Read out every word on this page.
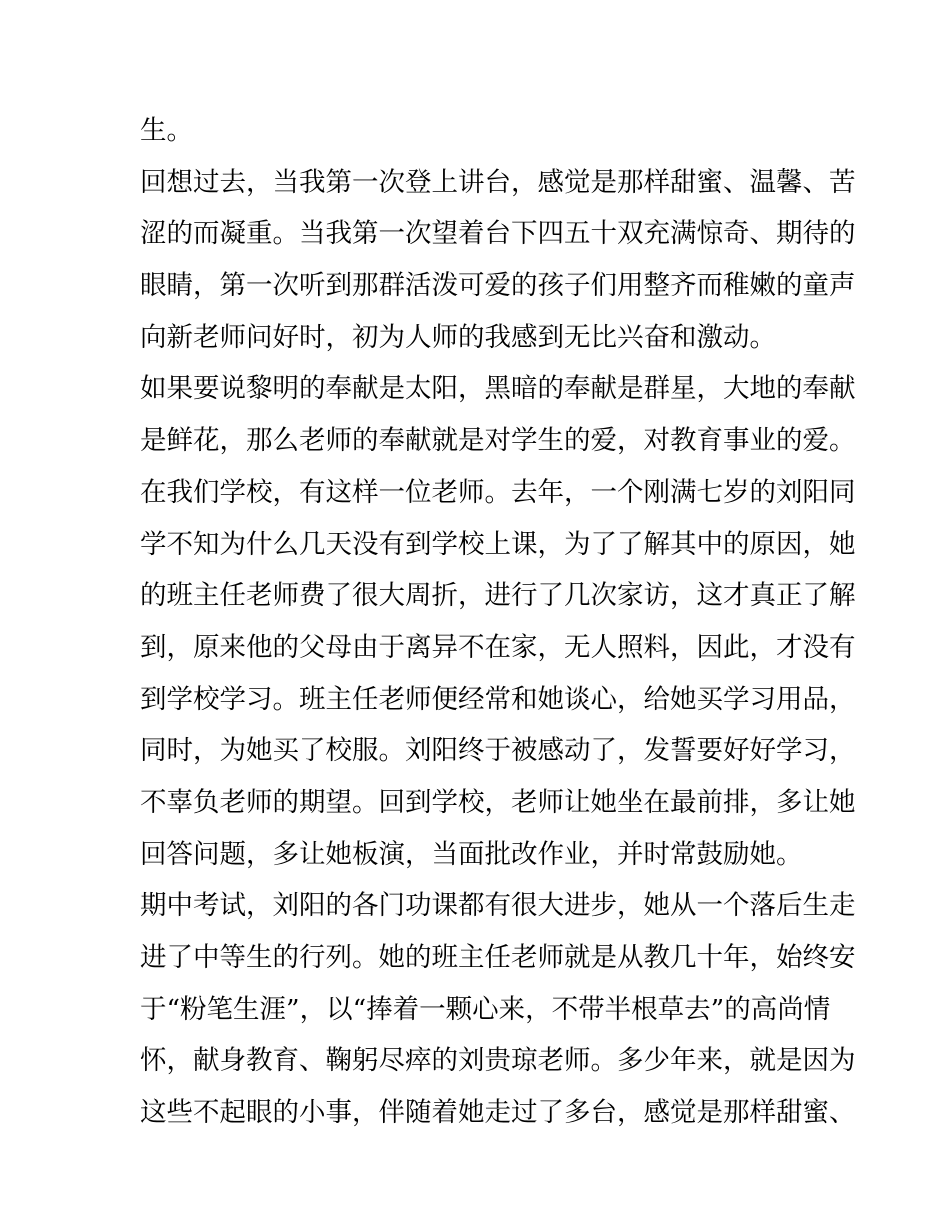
生。
回想过去，当我第一次登上讲台，感觉是那样甜蜜、温馨、苦
涩的而凝重。当我第一次望着台下四五十双充满惊奇、期待的
眼睛，第一次听到那群活泼可爱的孩子们用整齐而稚嫩的童声
向新老师问好时，初为人师的我感到无比兴奋和激动。
如果要说黎明的奉献是太阳，黑暗的奉献是群星，大地的奉献
是鲜花，那么老师的奉献就是对学生的爱，对教育事业的爱。
在我们学校，有这样一位老师。去年，一个刚满七岁的刘阳同
学不知为什么几天没有到学校上课，为了了解其中的原因，她
的班主任老师费了很大周折，进行了几次家访，这才真正了解
到，原来他的父母由于离异不在家，无人照料，因此，才没有
到学校学习。班主任老师便经常和她谈心，给她买学习用品，
同时，为她买了校服。刘阳终于被感动了，发誓要好好学习，
不辜负老师的期望。回到学校，老师让她坐在最前排，多让她
回答问题，多让她板演，当面批改作业，并时常鼓励她。
期中考试，刘阳的各门功课都有很大进步，她从一个落后生走
进了中等生的行列。她的班主任老师就是从教几十年，始终安
于“粉笔生涯”，以“捧着一颗心来，不带半根草去”的高尚情
怀，献身教育、鞠躬尽瘁的刘贵琼老师。多少年来，就是因为
这些不起眼的小事，伴随着她走过了多台，感觉是那样甜蜜、
